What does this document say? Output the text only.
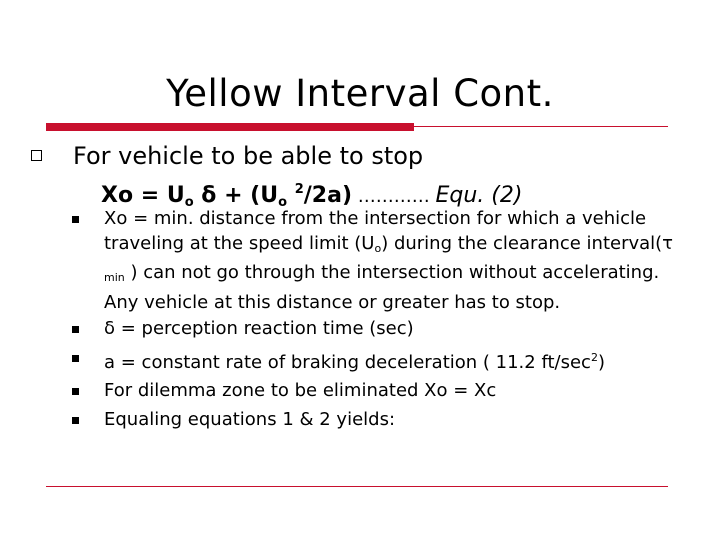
Yellow Interval Cont.
For vehicle to be able to stop
$Xo = U_o$ $\delta + (U_o$ $^2$/2a) ………… Equ. (2)
Xo = min. distance from the intersection for which a vehicle traveling at the speed limit (Uo) during the clearance interval(τ min ) can not go through the intersection without accelerating. Any vehicle at this distance or greater has to stop.
δ = perception reaction time (sec)
a = constant rate of braking deceleration ( 11.2 $ft/\sec^2$)
For dilemma zone to be eliminated Xo = Xc
Equaling equations 1 & 2 yields:
